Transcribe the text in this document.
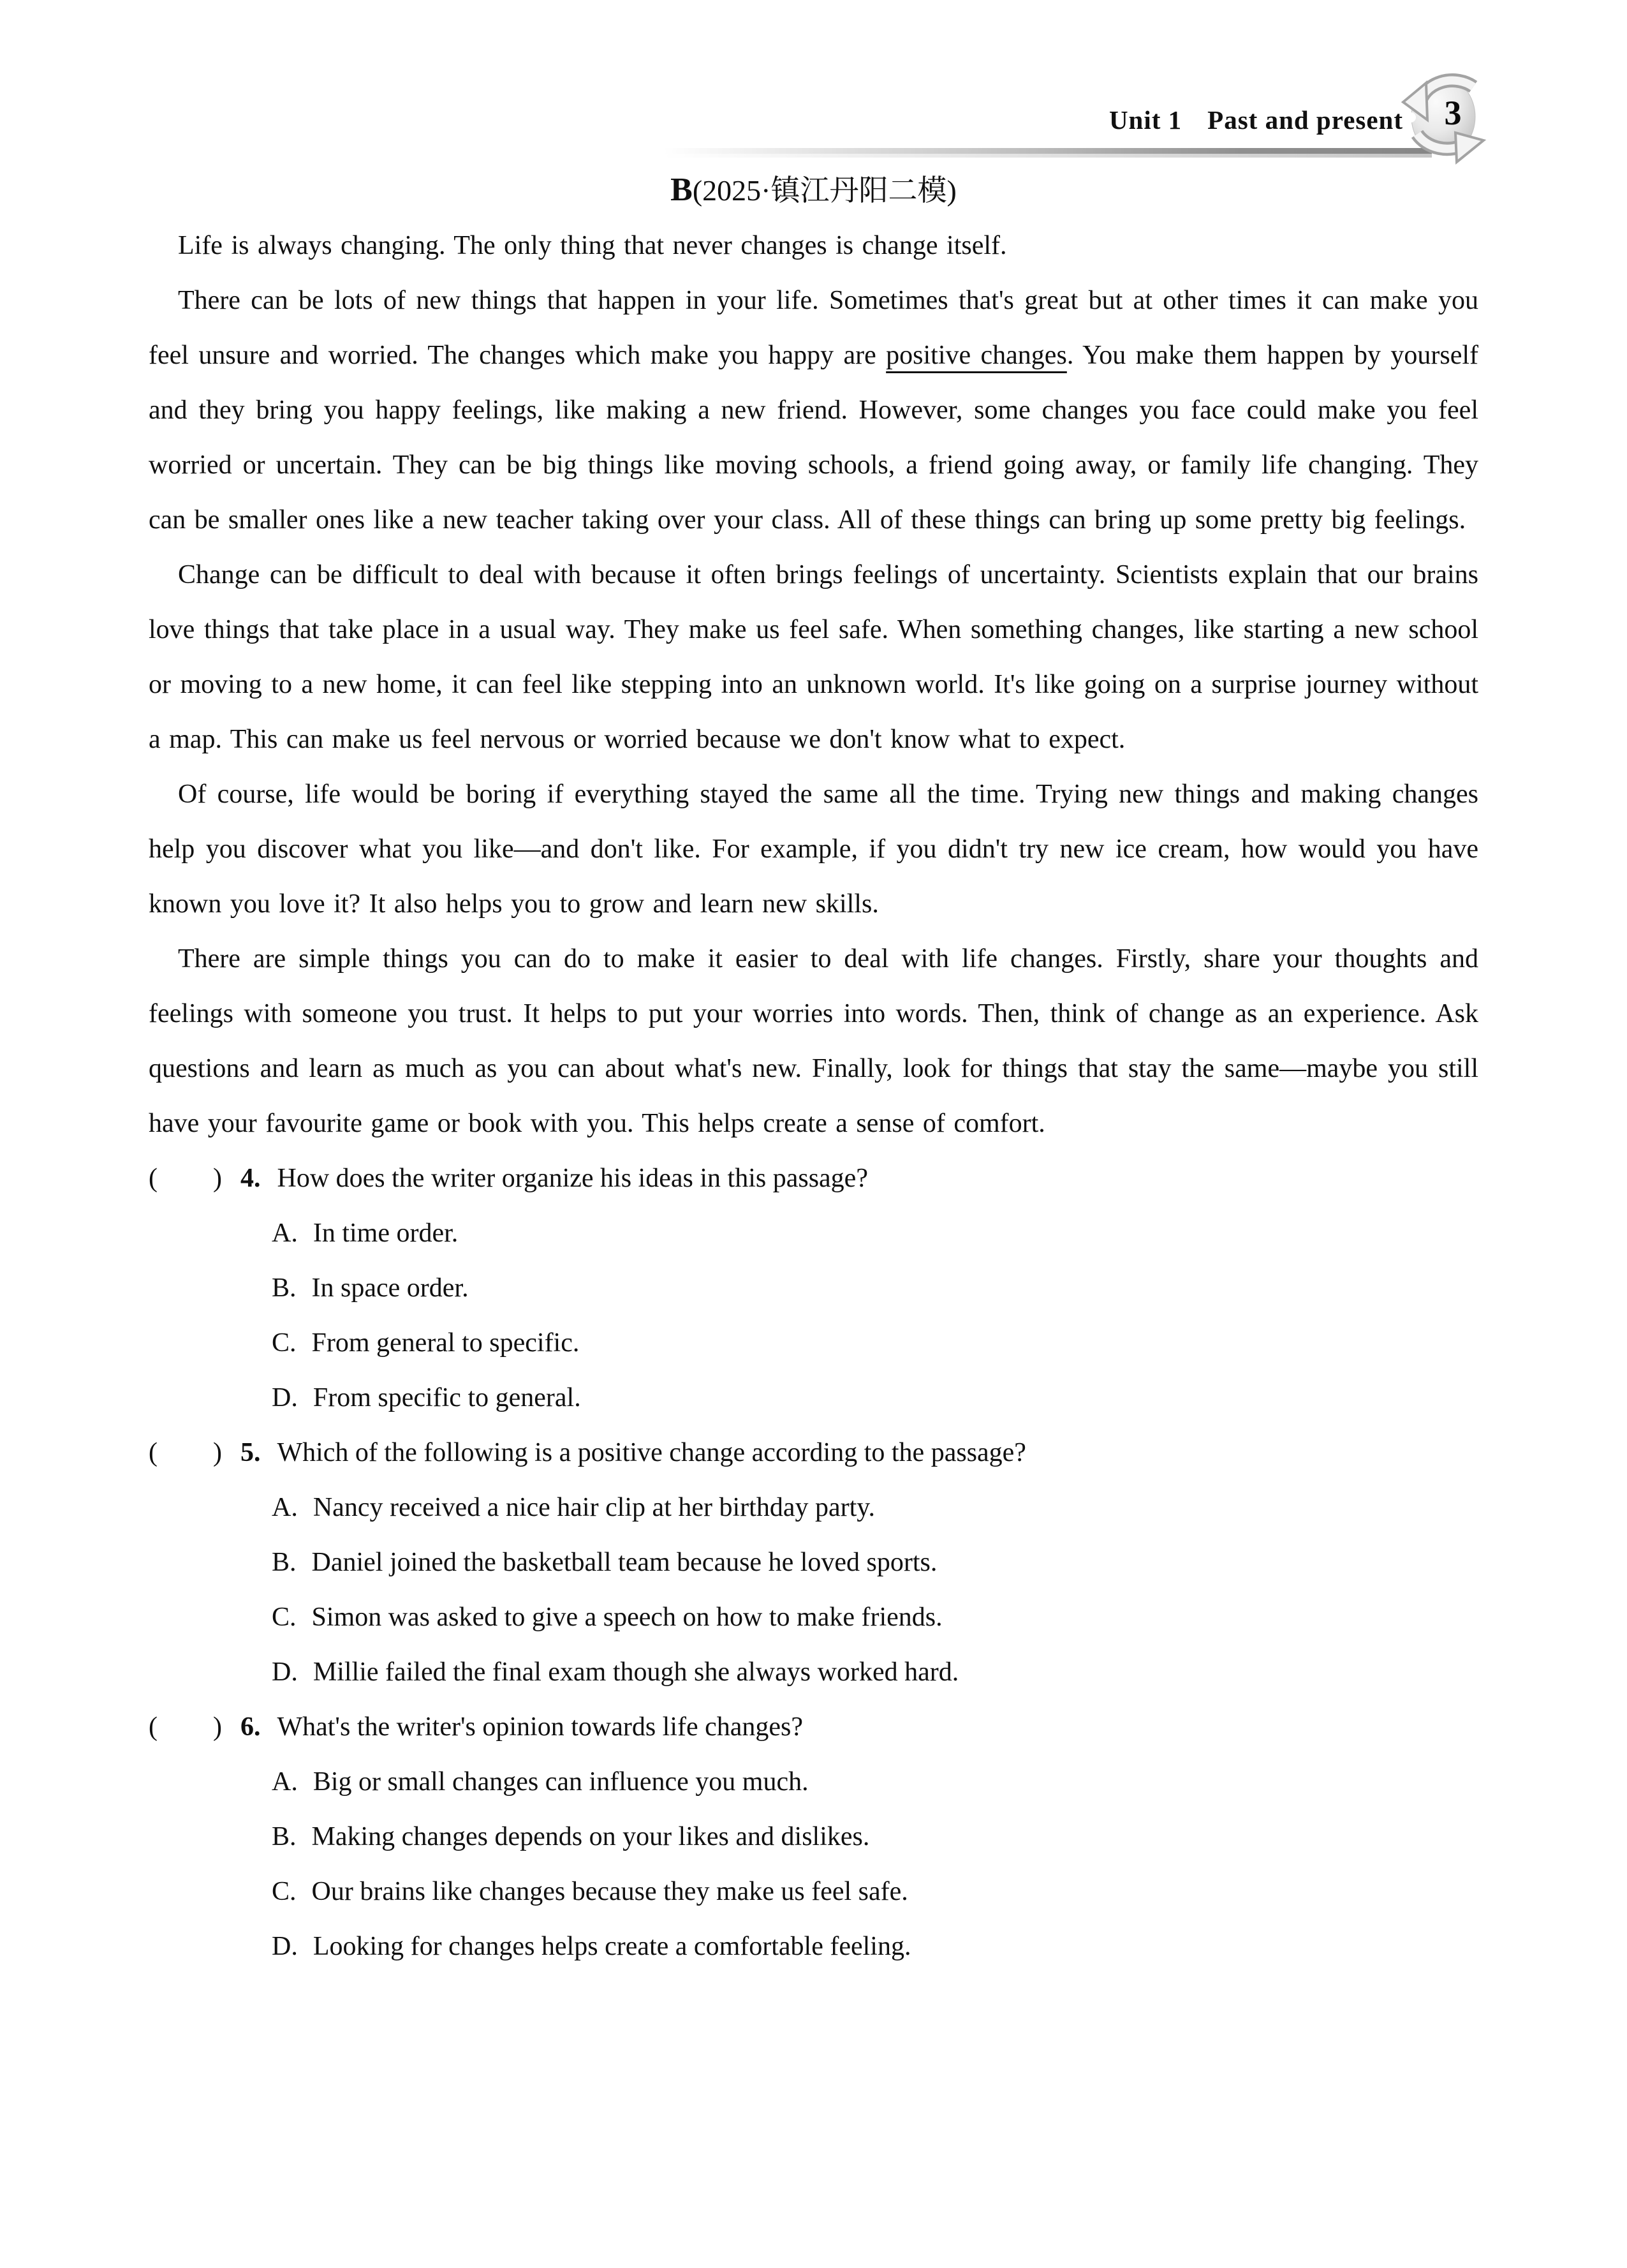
Unit 1 Past and present	3
B(2025·镇江丹阳二模)

Life is always changing. The only thing that never changes is change itself.

There can be lots of new things that happen in your life. Sometimes that's great but at other times it can make you feel unsure and worried. The changes which make you happy are positive changes. You make them happen by yourself and they bring you happy feelings, like making a new friend. However, some changes you face could make you feel worried or uncertain. They can be big things like moving schools, a friend going away, or family life changing. They can be smaller ones like a new teacher taking over your class. All of these things can bring up some pretty big feelings.

Change can be difficult to deal with because it often brings feelings of uncertainty. Scientists explain that our brains love things that take place in a usual way. They make us feel safe. When something changes, like starting a new school or moving to a new home, it can feel like stepping into an unknown world. It's like going on a surprise journey without a map. This can make us feel nervous or worried because we don't know what to expect.

Of course, life would be boring if everything stayed the same all the time. Trying new things and making changes help you discover what you like—and don't like. For example, if you didn't try new ice cream, how would you have known you love it? It also helps you to grow and learn new skills.

There are simple things you can do to make it easier to deal with life changes. Firstly, share your thoughts and feelings with someone you trust. It helps to put your worries into words. Then, think of change as an experience. Ask questions and learn as much as you can about what's new. Finally, look for things that stay the same—maybe you still have your favourite game or book with you. This helps create a sense of comfort.

(　　) 4. How does the writer organize his ideas in this passage?
A. In time order.
B. In space order.
C. From general to specific.
D. From specific to general.
(　　) 5. Which of the following is a positive change according to the passage?
A. Nancy received a nice hair clip at her birthday party.
B. Daniel joined the basketball team because he loved sports.
C. Simon was asked to give a speech on how to make friends.
D. Millie failed the final exam though she always worked hard.
(　　) 6. What's the writer's opinion towards life changes?
A. Big or small changes can influence you much.
B. Making changes depends on your likes and dislikes.
C. Our brains like changes because they make us feel safe.
D. Looking for changes helps create a comfortable feeling.
